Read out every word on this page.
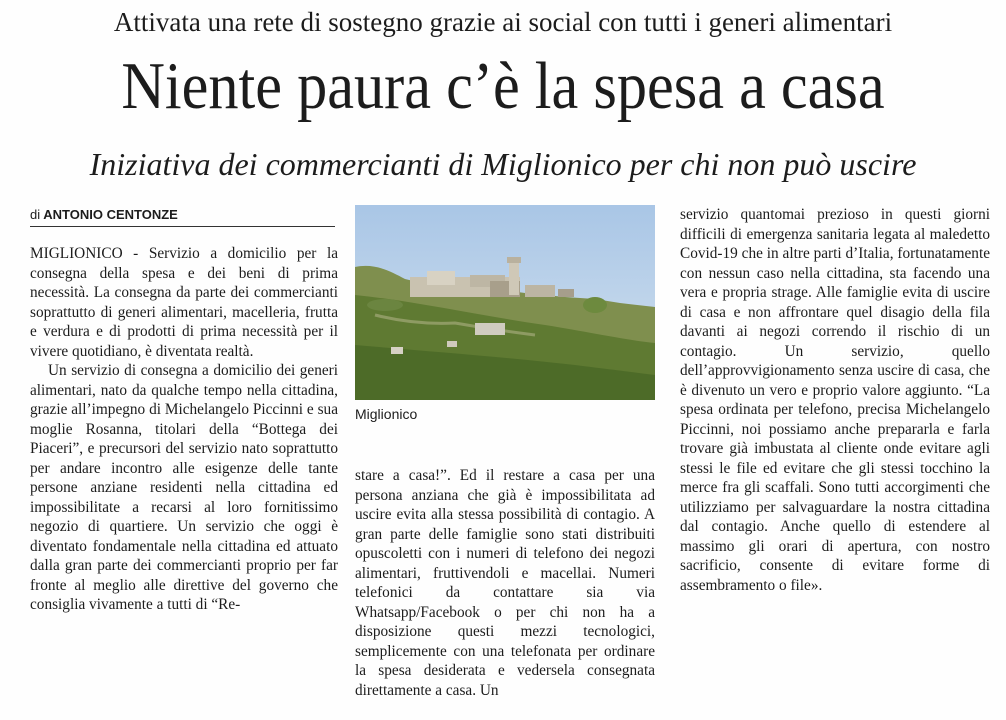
Attivata una rete di sostegno grazie ai social con tutti i generi alimentari
Niente paura c’è la spesa a casa
Iniziativa dei commercianti di Miglionico per chi non può uscire
di ANTONIO CENTONZE

MIGLIONICO - Servizio a domicilio per la consegna della spesa e dei beni di prima necessità. La consegna da parte dei commercianti soprattutto di generi alimentari, macelleria, frutta e verdura e di prodotti di prima necessità per il vivere quotidiano, è diventata realtà.

Un servizio di consegna a domicilio dei generi alimentari, nato da qualche tempo nella cittadina, grazie all’impegno di Michelangelo Piccinni e sua moglie Rosanna, titolari della “Bottega dei Piaceri”, e precursori del servizio nato soprattutto per andare incontro alle esigenze delle tante persone anziane residenti nella cittadina ed impossibilitate a recarsi al loro fornitissimo negozio di quartiere. Un servizio che oggi è diventato fondamentale nella cittadina ed attuato dalla gran parte dei commercianti proprio per far fronte al meglio alle direttive del governo che consiglia vivamente a tutti di “Re-

Miglionico

stare a casa!”. Ed il restare a casa per una persona anziana che già è impossibilitata ad uscire evita alla stessa possibilità di contagio. A gran parte delle famiglie sono stati distribuiti opuscoletti con i numeri di telefono dei negozi alimentari, fruttivendoli e macellai. Numeri telefonici da contattare sia via Whatsapp/Facebook o per chi non ha a disposizione questi mezzi tecnologici, semplicemente con una telefonata per ordinare la spesa desiderata e vedersela consegnata direttamente a casa. Un

servizio quantomai prezioso in questi giorni difficili di emergenza sanitaria legata al maledetto Covid-19 che in altre parti d’Italia, fortunatamente con nessun caso nella cittadina, sta facendo una vera e propria strage. Alle famiglie evita di uscire di casa e non affrontare quel disagio della fila davanti ai negozi correndo il rischio di un contagio. Un servizio, quello dell’approvvigionamento senza uscire di casa, che è divenuto un vero e proprio valore aggiunto. “La spesa ordinata per telefono, precisa Michelangelo Piccinni, noi possiamo anche prepararla e farla trovare già imbustata al cliente onde evitare agli stessi le file ed evitare che gli stessi tocchino la merce fra gli scaffali. Sono tutti accorgimenti che utilizziamo per salvaguardare la nostra cittadina dal contagio. Anche quello di estendere al massimo gli orari di apertura, con nostro sacrificio, consente di evitare forme di assembramento o file».
